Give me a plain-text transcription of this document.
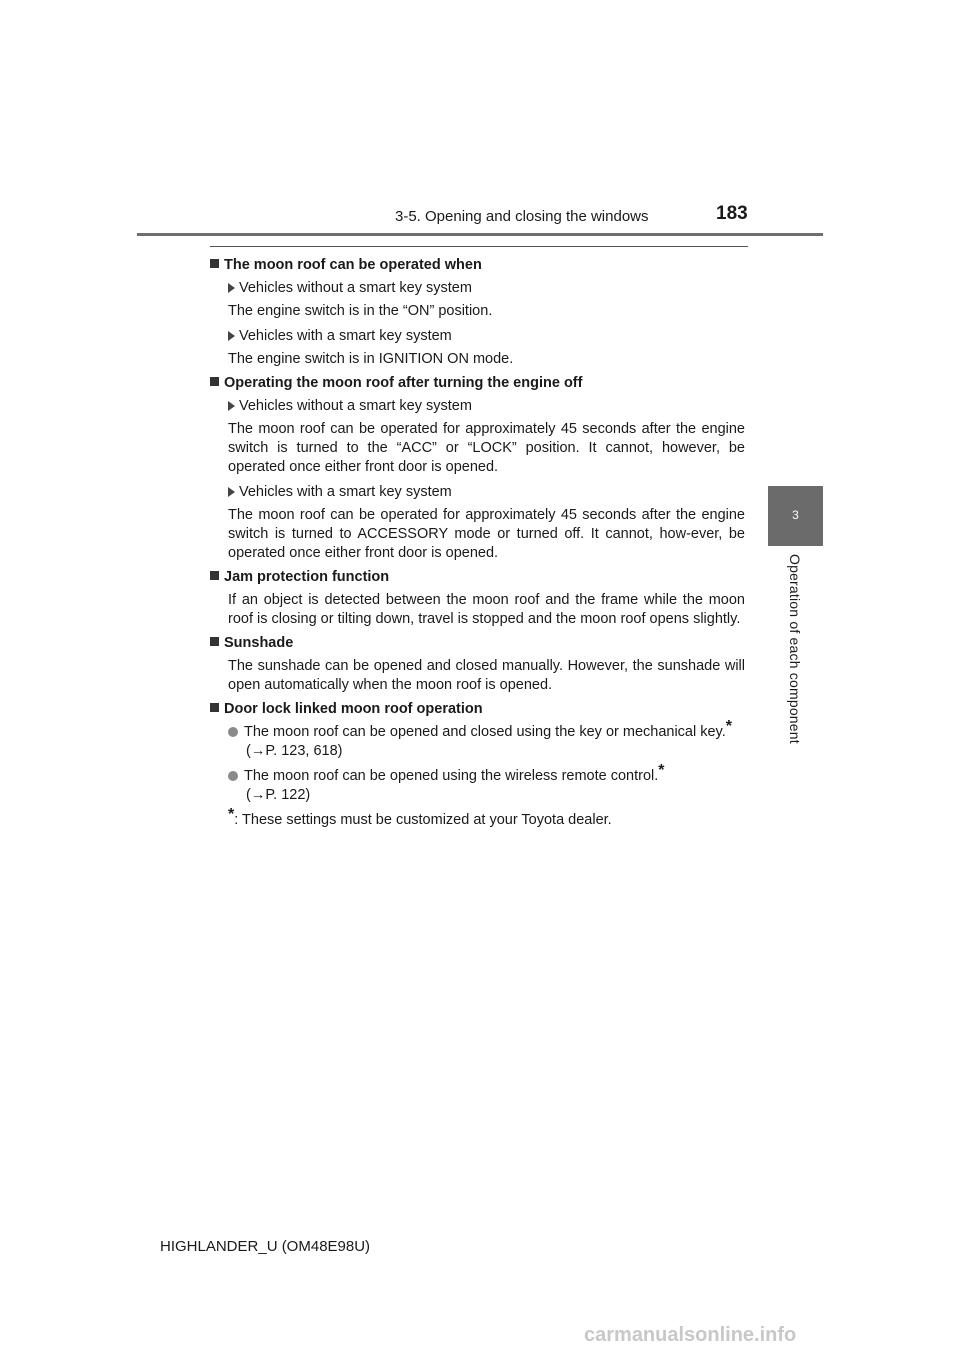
3-5. Opening and closing the windows	183
3
Operation of each component
The moon roof can be operated when
Vehicles without a smart key system
The engine switch is in the “ON” position.
Vehicles with a smart key system
The engine switch is in IGNITION ON mode.
Operating the moon roof after turning the engine off
Vehicles without a smart key system
The moon roof can be operated for approximately 45 seconds after the engine switch is turned to the “ACC” or “LOCK” position. It cannot, however, be operated once either front door is opened.
Vehicles with a smart key system
The moon roof can be operated for approximately 45 seconds after the engine switch is turned to ACCESSORY mode or turned off. It cannot, how-ever, be operated once either front door is opened.
Jam protection function
If an object is detected between the moon roof and the frame while the moon roof is closing or tilting down, travel is stopped and the moon roof opens slightly.
Sunshade
The sunshade can be opened and closed manually. However, the sunshade will open automatically when the moon roof is opened.
Door lock linked moon roof operation
The moon roof can be opened and closed using the key or mechanical key.*
(→P. 123, 618)
The moon roof can be opened using the wireless remote control.*
(→P. 122)
*: These settings must be customized at your Toyota dealer.
HIGHLANDER_U (OM48E98U)
carmanualsonline.info
